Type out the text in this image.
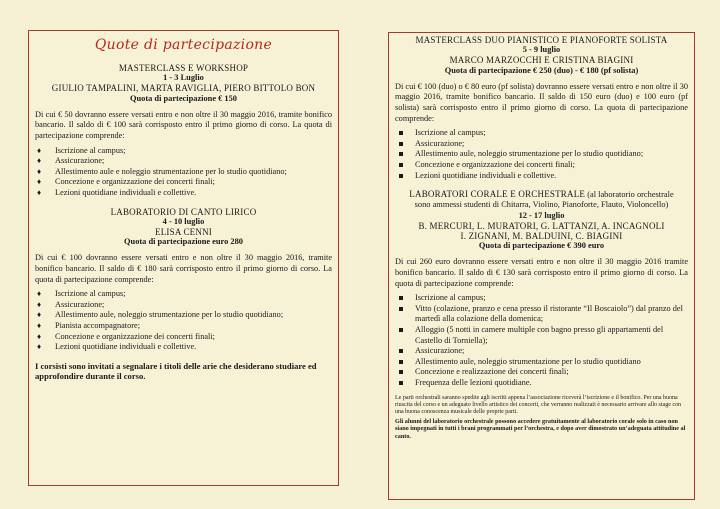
Quote di partecipazione
MASTERCLASS E WORKSHOP
1 - 3 Luglio
GIULIO TAMPALINI, MARTA RAVIGLIA, PIERO BITTOLO BON
Quota di partecipazione € 150

Di cui € 50 dovranno essere versati entro e non oltre il 30 maggio 2016, tramite bonifico bancario. Il saldo di € 100 sarà corrisposto entro il primo giorno di corso. La quota di partecipazione comprende:

♦ Iscrizione al campus;
♦ Assicurazione;
♦ Allestimento aule e noleggio strumentazione per lo studio quotidiano;
♦ Concezione e organizzazione dei concerti finali;
♦ Lezioni quotidiane individuali e collettive.
LABORATORIO DI CANTO LIRICO
4 - 10 luglio
ELISA CENNI
Quota di partecipazione euro 280

Di cui € 100 dovranno essere versati entro e non oltre il 30 maggio 2016, tramite bonifico bancario. Il saldo di € 180 sarà corrisposto entro il primo giorno di corso. La quota di partecipazione comprende:

♦ Iscrizione al campus;
♦ Assicurazione;
♦ Allestimento aule, noleggio strumentazione per lo studio quotidiano;
♦ Pianista accompagnatore;
♦ Concezione e organizzazione dei concerti finali;
♦ Lezioni quotidiane individuali e collettive.
I corsisti sono invitati a segnalare i titoli delle arie che desiderano studiare ed approfondire durante il corso.
MASTERCLASS DUO PIANISTICO E PIANOFORTE SOLISTA
5 - 9 luglio
MARCO MARZOCCHI E CRISTINA BIAGINI
Quota di partecipazione € 250 (duo) - € 180 (pf solista)

Di cui € 100 (duo) o € 80 euro (pf solista) dovranno essere versati entro e non oltre il 30 maggio 2016, tramite bonifico bancario. Il saldo di 150 euro (duo) e 100 euro (pf solista) sarà corrisposto entro il primo giorno di corso. La quota di partecipazione comprende:

Iscrizione al campus;
Assicurazione;
Allestimento aule, noleggio strumentazione per lo studio quotidiano;
Concezione e organizzazione dei concerti finali;
Lezioni quotidiane individuali e collettive.
LABORATORI CORALE E ORCHESTRALE (al laboratorio orchestrale
sono ammessi studenti di Chitarra, Violino, Pianoforte, Flauto, Violoncello)
12 - 17 luglio
B. MERCURI, L. MURATORI, G. LATTANZI, A. INCAGNOLI
I. ZIGNANI, M. BALDUINI, C. BIAGINI
Quota di partecipazione € 390 euro

Di cui 260 euro dovranno essere versati entro e non oltre il 30 maggio 2016 tramite bonifico bancario. Il saldo di € 130 sarà corrisposto entro il primo giorno di corso. La quota di partecipazione comprende:

Iscrizione al campus;
Vitto (colazione, pranzo e cena presso il ristorante “Il Boscaiolo”) dal pranzo del martedì alla colazione della domenica;
Alloggio (5 notti in camere multiple con bagno presso gli appartamenti del Castello di Torniella);
Assicurazione;
Allestimento aule, noleggio strumentazione per lo studio quotidiano
Concezione e realizzazione dei concerti finali;
Frequenza delle lezioni quotidiane.

Le parti orchestrali saranno spedite agli iscritti appena l’associazione riceverà l’iscrizione e il bonifico. Per una buona riuscita del corso e un adeguato livello artistico dei concerti, che verranno realizzati è necessario arrivare allo stage con una buona conoscenza musicale delle proprie parti.

Gli alunni del laboratorio orchestrale possono accedere gratuitamente al laboratorio corale solo in caso non siano impegnati in tutti i brani programmati per l’orchestra, e dopo aver dimostrato un’adeguata attitudine al canto.
